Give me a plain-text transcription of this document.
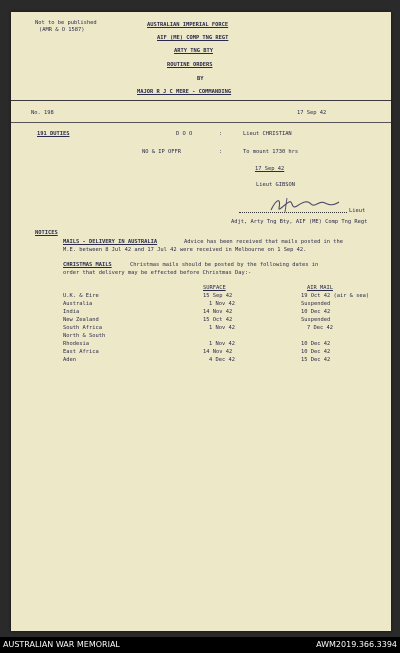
Not to be published
(AMR & O 1587)
AUSTRALIAN IMPERIAL FORCE
AIF (ME) COMP TNG REGT
ARTY TNG BTY
ROUTINE ORDERS
BY
MAJOR R J C MERE - COMMANDING
No. 198	17 Sep 42
191 DUTIES	D O O	:	Lieut CHRISTIAN
NO & IP OFFR	:	To mount 1730 hrs
17 Sep 42
Lieut GIBSON
Lieut
Adjt, Arty Tng Bty, AIF (ME) Comp Tng Regt
NOTICES
MAILS - DELIVERY IN AUSTRALIA	Advice has been received that mails posted in the
M.E. between 8 Jul 42 and 17 Jul 42 were received in Melbourne on 1 Sep 42.
CHRISTMAS MAILS	Christmas mails should be posted by the following dates in
order that delivery may be effected before Christmas Day:-
SURFACE	AIR MAIL
U.K. & Eire	15 Sep 42	19 Oct 42 (air & sea)
Australia	1 Nov 42	Suspended
India	14 Nov 42	10 Dec 42
New Zealand	15 Oct 42	Suspended
South Africa	1 Nov 42	7 Dec 42
North & South
Rhodesia	1 Nov 42	10 Dec 42
East Africa	14 Nov 42	10 Dec 42
Aden	4 Dec 42	15 Dec 42
AUSTRALIAN WAR MEMORIAL	AWM2019.366.3394
